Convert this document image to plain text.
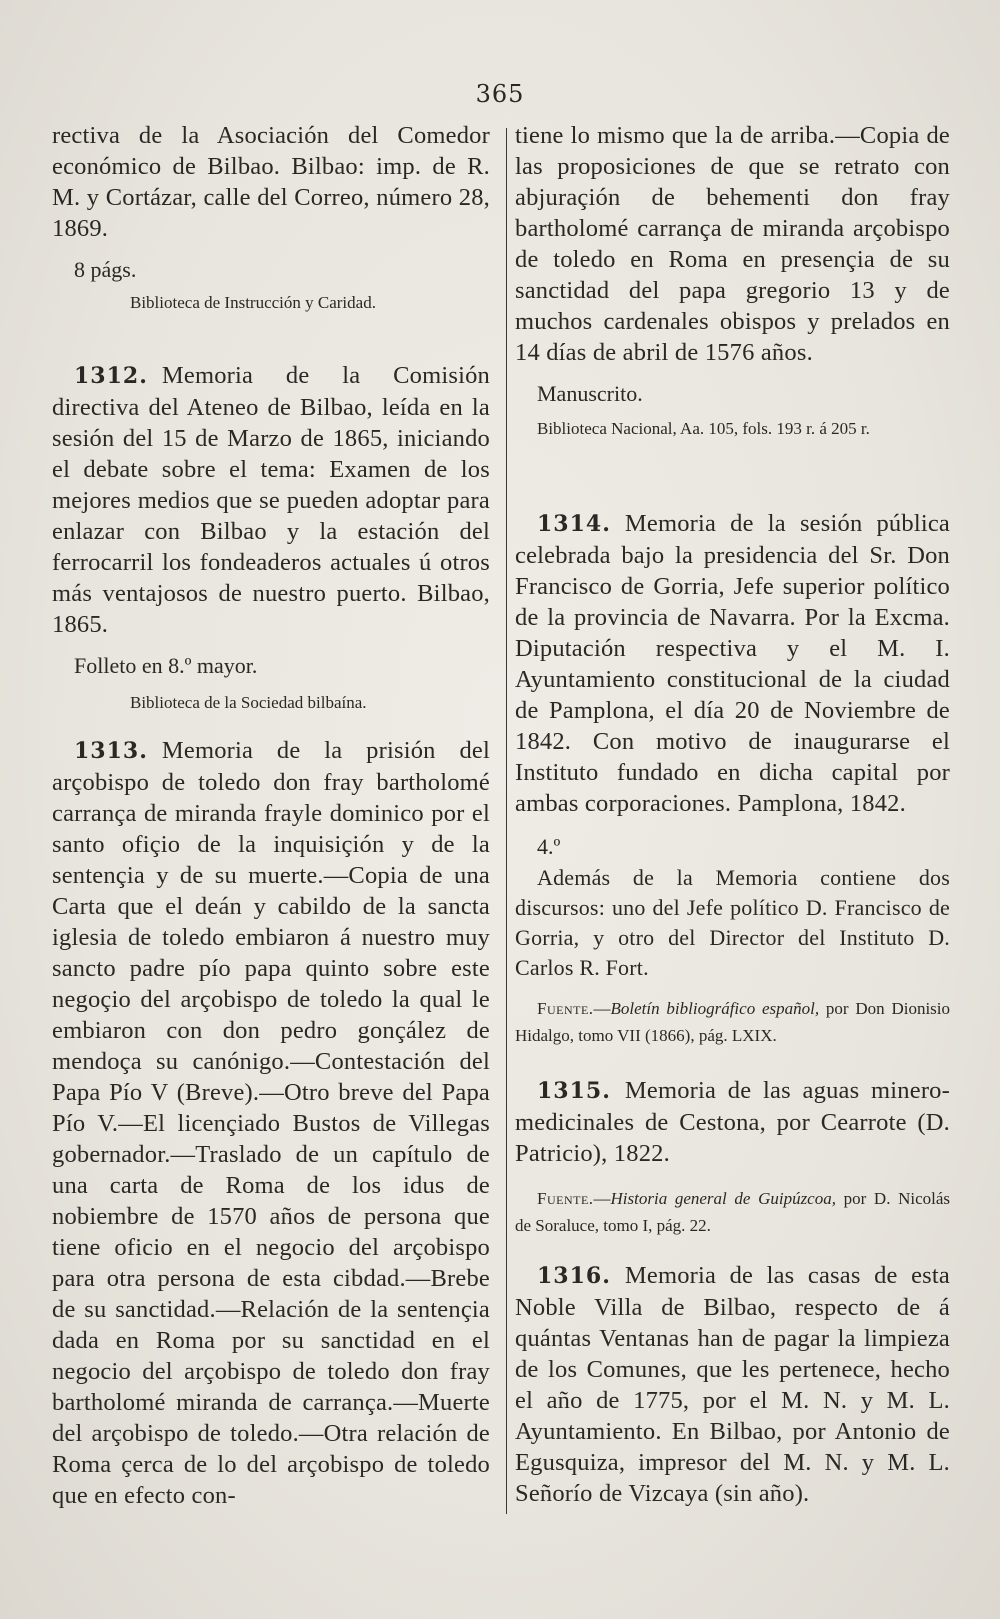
365

rectiva de la Asociación del Comedor económico de Bilbao. Bilbao: imp. de R. M. y Cortázar, calle del Correo, número 28, 1869.

8 págs.

Biblioteca de Instrucción y Caridad.

1312. Memoria de la Comisión directiva del Ateneo de Bilbao, leída en la sesión del 15 de Marzo de 1865, iniciando el debate sobre el tema: Examen de los mejores medios que se pueden adoptar para enlazar con Bilbao y la estación del ferrocarril los fondeaderos actuales ú otros más ventajosos de nuestro puerto. Bilbao, 1865.

Folleto en 8.º mayor.

Biblioteca de la Sociedad bilbaína.

1313. Memoria de la prisión del arçobispo de toledo don fray bartholomé carrança de miranda frayle dominico por el santo ofiçio de la inquisiçión y de la sentençia y de su muerte.—Copia de una Carta que el deán y cabildo de la sancta iglesia de toledo embiaron á nuestro muy sancto padre pío papa quinto sobre este negoçio del arçobispo de toledo la qual le embiaron con don pedro gonçález de mendoça su canónigo.—Contestación del Papa Pío V (Breve).—Otro breve del Papa Pío V.—El licençiado Bustos de Villegas gobernador.—Traslado de un capítulo de una carta de Roma de los idus de nobiembre de 1570 años de persona que tiene oficio en el negocio del arçobispo para otra persona de esta cibdad.—Brebe de su sanctidad.—Relación de la sentençia dada en Roma por su sanctidad en el negocio del arçobispo de toledo don fray bartholomé miranda de carrança.—Muerte del arçobispo de toledo.—Otra relación de Roma çerca de lo del arçobispo de toledo que en efecto con-

tiene lo mismo que la de arriba.—Copia de las proposiciones de que se retrato con abjuraçión de behementi don fray bartholomé carrança de miranda arçobispo de toledo en Roma en presençia de su sanctidad del papa gregorio 13 y de muchos cardenales obispos y prelados en 14 días de abril de 1576 años.

Manuscrito.

Biblioteca Nacional, Aa. 105, fols. 193 r. á 205 r.

1314. Memoria de la sesión pública celebrada bajo la presidencia del Sr. Don Francisco de Gorria, Jefe superior político de la provincia de Navarra. Por la Excma. Diputación respectiva y el M. I. Ayuntamiento constitucional de la ciudad de Pamplona, el día 20 de Noviembre de 1842. Con motivo de inaugurarse el Instituto fundado en dicha capital por ambas corporaciones. Pamplona, 1842.

4.º

Además de la Memoria contiene dos discursos: uno del Jefe político D. Francisco de Gorria, y otro del Director del Instituto D. Carlos R. Fort.

Fuente.—Boletín bibliográfico español, por Don Dionisio Hidalgo, tomo VII (1866), pág. LXIX.

1315. Memoria de las aguas minero-medicinales de Cestona, por Cearrote (D. Patricio), 1822.

Fuente.—Historia general de Guipúzcoa, por D. Nicolás de Soraluce, tomo I, pág. 22.

1316. Memoria de las casas de esta Noble Villa de Bilbao, respecto de á quántas Ventanas han de pagar la limpieza de los Comunes, que les pertenece, hecho el año de 1775, por el M. N. y M. L. Ayuntamiento. En Bilbao, por Antonio de Egusquiza, impresor del M. N. y M. L. Señorío de Vizcaya (sin año).
